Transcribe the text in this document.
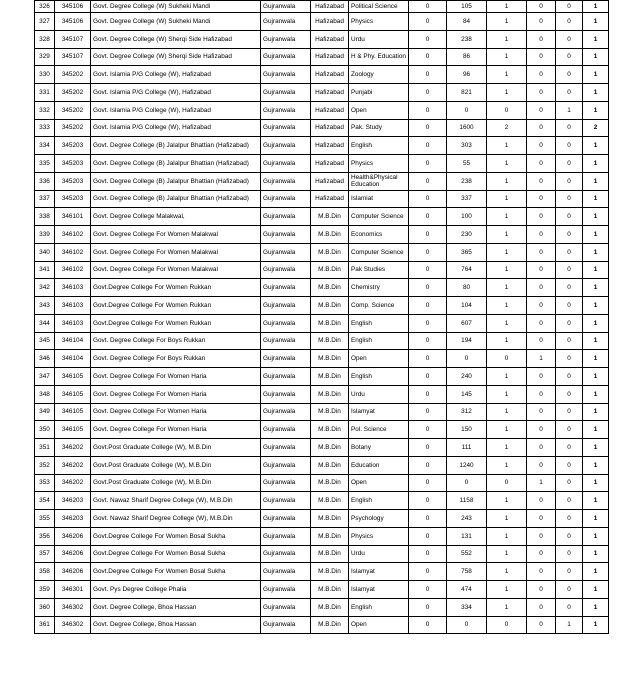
326	345106	Govt. Degree College (W) Sukheki Mandi	Gujranwala	Hafizabad	Political Science	0	105	1	0	0	1
327	345106	Govt. Degree College (W) Sukheki Mandi	Gujranwala	Hafizabad	Physics	0	84	1	0	0	1
328	345107	Govt. Degree College (W) Sherqi Side Hafizabad	Gujranwala	Hafizabad	Urdu	0	238	1	0	0	1
329	345107	Govt. Degree College (W) Sherqi Side Hafizabad	Gujranwala	Hafizabad	H & Phy. Education	0	86	1	0	0	1
330	345202	Govt. Islamia P/G College (W), Hafizabad	Gujranwala	Hafizabad	Zoology	0	96	1	0	0	1
331	345202	Govt. Islamia P/G College (W), Hafizabad	Gujranwala	Hafizabad	Punjabi	0	821	1	0	0	1
332	345202	Govt. Islamia P/G College (W), Hafizabad	Gujranwala	Hafizabad	Open	0	0	0	0	1	1
333	345202	Govt. Islamia P/G College (W), Hafizabad	Gujranwala	Hafizabad	Pak. Study	0	1600	2	0	0	2
334	345203	Govt. Degree College (B) Jalalpur Bhattian (Hafizabad)	Gujranwala	Hafizabad	English	0	303	1	0	0	1
335	345203	Govt. Degree College (B) Jalalpur Bhattian (Hafizabad)	Gujranwala	Hafizabad	Physics	0	55	1	0	0	1
336	345203	Govt. Degree College (B) Jalalpur Bhattian (Hafizabad)	Gujranwala	Hafizabad	Health&Physical Education	0	238	1	0	0	1
337	345203	Govt. Degree College (B) Jalalpur Bhattian (Hafizabad)	Gujranwala	Hafizabad	Islamiat	0	337	1	0	0	1
338	346101	Govt. Degree College Malakwal,	Gujranwala	M.B.Din	Computer Science	0	100	1	0	0	1
339	346102	Govt. Degree College For Women Malakwal	Gujranwala	M.B.Din	Economics	0	230	1	0	0	1
340	346102	Govt. Degree College For Women Malakwal	Gujranwala	M.B.Din	Computer Science	0	365	1	0	0	1
341	346102	Govt. Degree College For Women Malakwal	Gujranwala	M.B.Din	Pak Studies	0	764	1	0	0	1
342	346103	Govt.Degree College For Women Rukkan	Gujranwala	M.B.Din	Chemistry	0	80	1	0	0	1
343	346103	Govt.Degree College For Women Rukkan	Gujranwala	M.B.Din	Comp. Science	0	104	1	0	0	1
344	346103	Govt.Degree College For Women Rukkan	Gujranwala	M.B.Din	English	0	607	1	0	0	1
345	346104	Govt. Degree College For Boys Rukkan	Gujranwala	M.B.Din	English	0	194	1	0	0	1
346	346104	Govt. Degree College For Boys Rukkan	Gujranwala	M.B.Din	Open	0	0	0	1	0	1
347	346105	Govt. Degree College For Women Haria	Gujranwala	M.B.Din	English	0	240	1	0	0	1
348	346105	Govt. Degree College For Women Haria	Gujranwala	M.B.Din	Urdu	0	145	1	0	0	1
349	346105	Govt. Degree College For Women Haria	Gujranwala	M.B.Din	Islamyat	0	312	1	0	0	1
350	346105	Govt. Degree College For Women Haria	Gujranwala	M.B.Din	Pol. Science	0	150	1	0	0	1
351	346202	Govt.Post Graduate College (W), M.B.Din	Gujranwala	M.B.Din	Botany	0	111	1	0	0	1
352	346202	Govt.Post Graduate College (W), M.B.Din	Gujranwala	M.B.Din	Education	0	1240	1	0	0	1
353	346202	Govt.Post Graduate College (W), M.B.Din	Gujranwala	M.B.Din	Open	0	0	0	1	0	1
354	346203	Govt. Nawaz Sharif Degree College (W), M.B.Din	Gujranwala	M.B.Din	English	0	1158	1	0	0	1
355	346203	Govt. Nawaz Sharif Degree College (W), M.B.Din	Gujranwala	M.B.Din	Psychology	0	243	1	0	0	1
356	346206	Govt.Degree College For Women Bosal Sukha	Gujranwala	M.B.Din	Physics	0	131	1	0	0	1
357	346206	Govt.Degree College For Women Bosal Sukha	Gujranwala	M.B.Din	Urdu	0	552	1	0	0	1
358	346206	Govt.Degree College For Women Bosal Sukha	Gujranwala	M.B.Din	Islamyat	0	758	1	0	0	1
359	346301	Govt. Pys Degree College Phalia	Gujranwala	M.B.Din	Islamyat	0	474	1	0	0	1
360	346302	Govt. Degree College, Bhoa Hassan	Gujranwala	M.B.Din	English	0	334	1	0	0	1
361	346302	Govt. Degree College, Bhoa Hassan	Gujranwala	M.B.Din	Open	0	0	0	0	1	1
